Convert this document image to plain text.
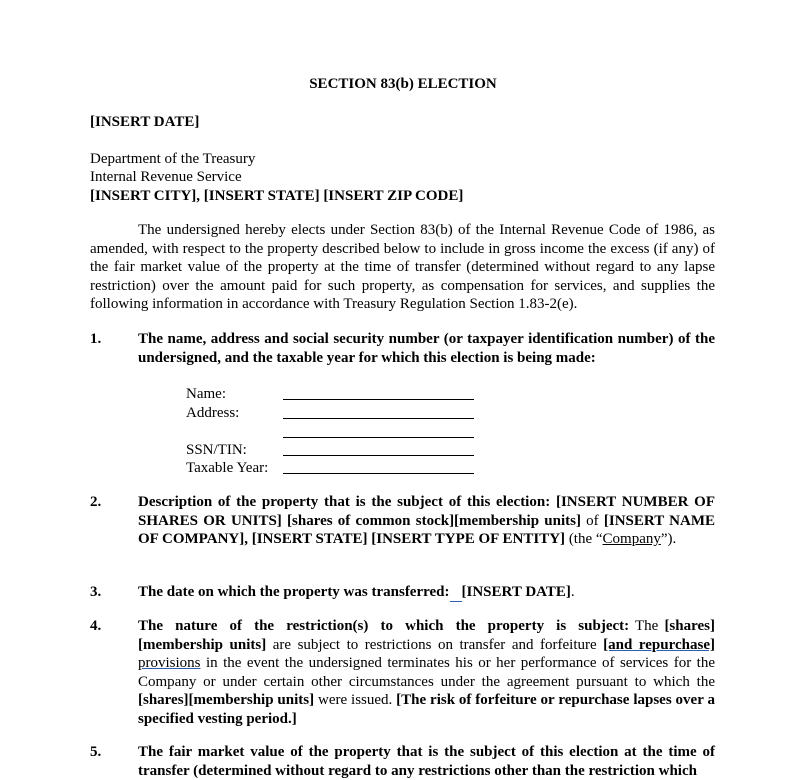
SECTION 83(b) ELECTION
[INSERT DATE]
Department of the Treasury
Internal Revenue Service
[INSERT CITY], [INSERT STATE] [INSERT ZIP CODE]
The undersigned hereby elects under Section 83(b) of the Internal Revenue Code of 1986, as amended, with respect to the property described below to include in gross income the excess (if any) of the fair market value of the property at the time of transfer (determined without regard to any lapse restriction) over the amount paid for such property, as compensation for services, and supplies the following information in accordance with Treasury Regulation Section 1.83-2(e).
1.	The name, address and social security number (or taxpayer identification number) of the undersigned, and the taxable year for which this election is being made:
Name:
Address:
SSN/TIN:
Taxable Year:
2.	Description of the property that is the subject of this election: [INSERT NUMBER OF SHARES OR UNITS] [shares of common stock][membership units] of [INSERT NAME OF COMPANY], [INSERT STATE] [INSERT TYPE OF ENTITY] (the “Company”).
3.	The date on which the property was transferred: [INSERT DATE].
4.	The nature of the restriction(s) to which the property is subject: The [shares][membership units] are subject to restrictions on transfer and forfeiture [and repurchase] provisions in the event the undersigned terminates his or her performance of services for the Company or under certain other circumstances under the agreement pursuant to which the [shares][membership units] were issued. [The risk of forfeiture or repurchase lapses over a specified vesting period.]
5.	The fair market value of the property that is the subject of this election at the time of transfer (determined without regard to any restrictions other than the restriction which
